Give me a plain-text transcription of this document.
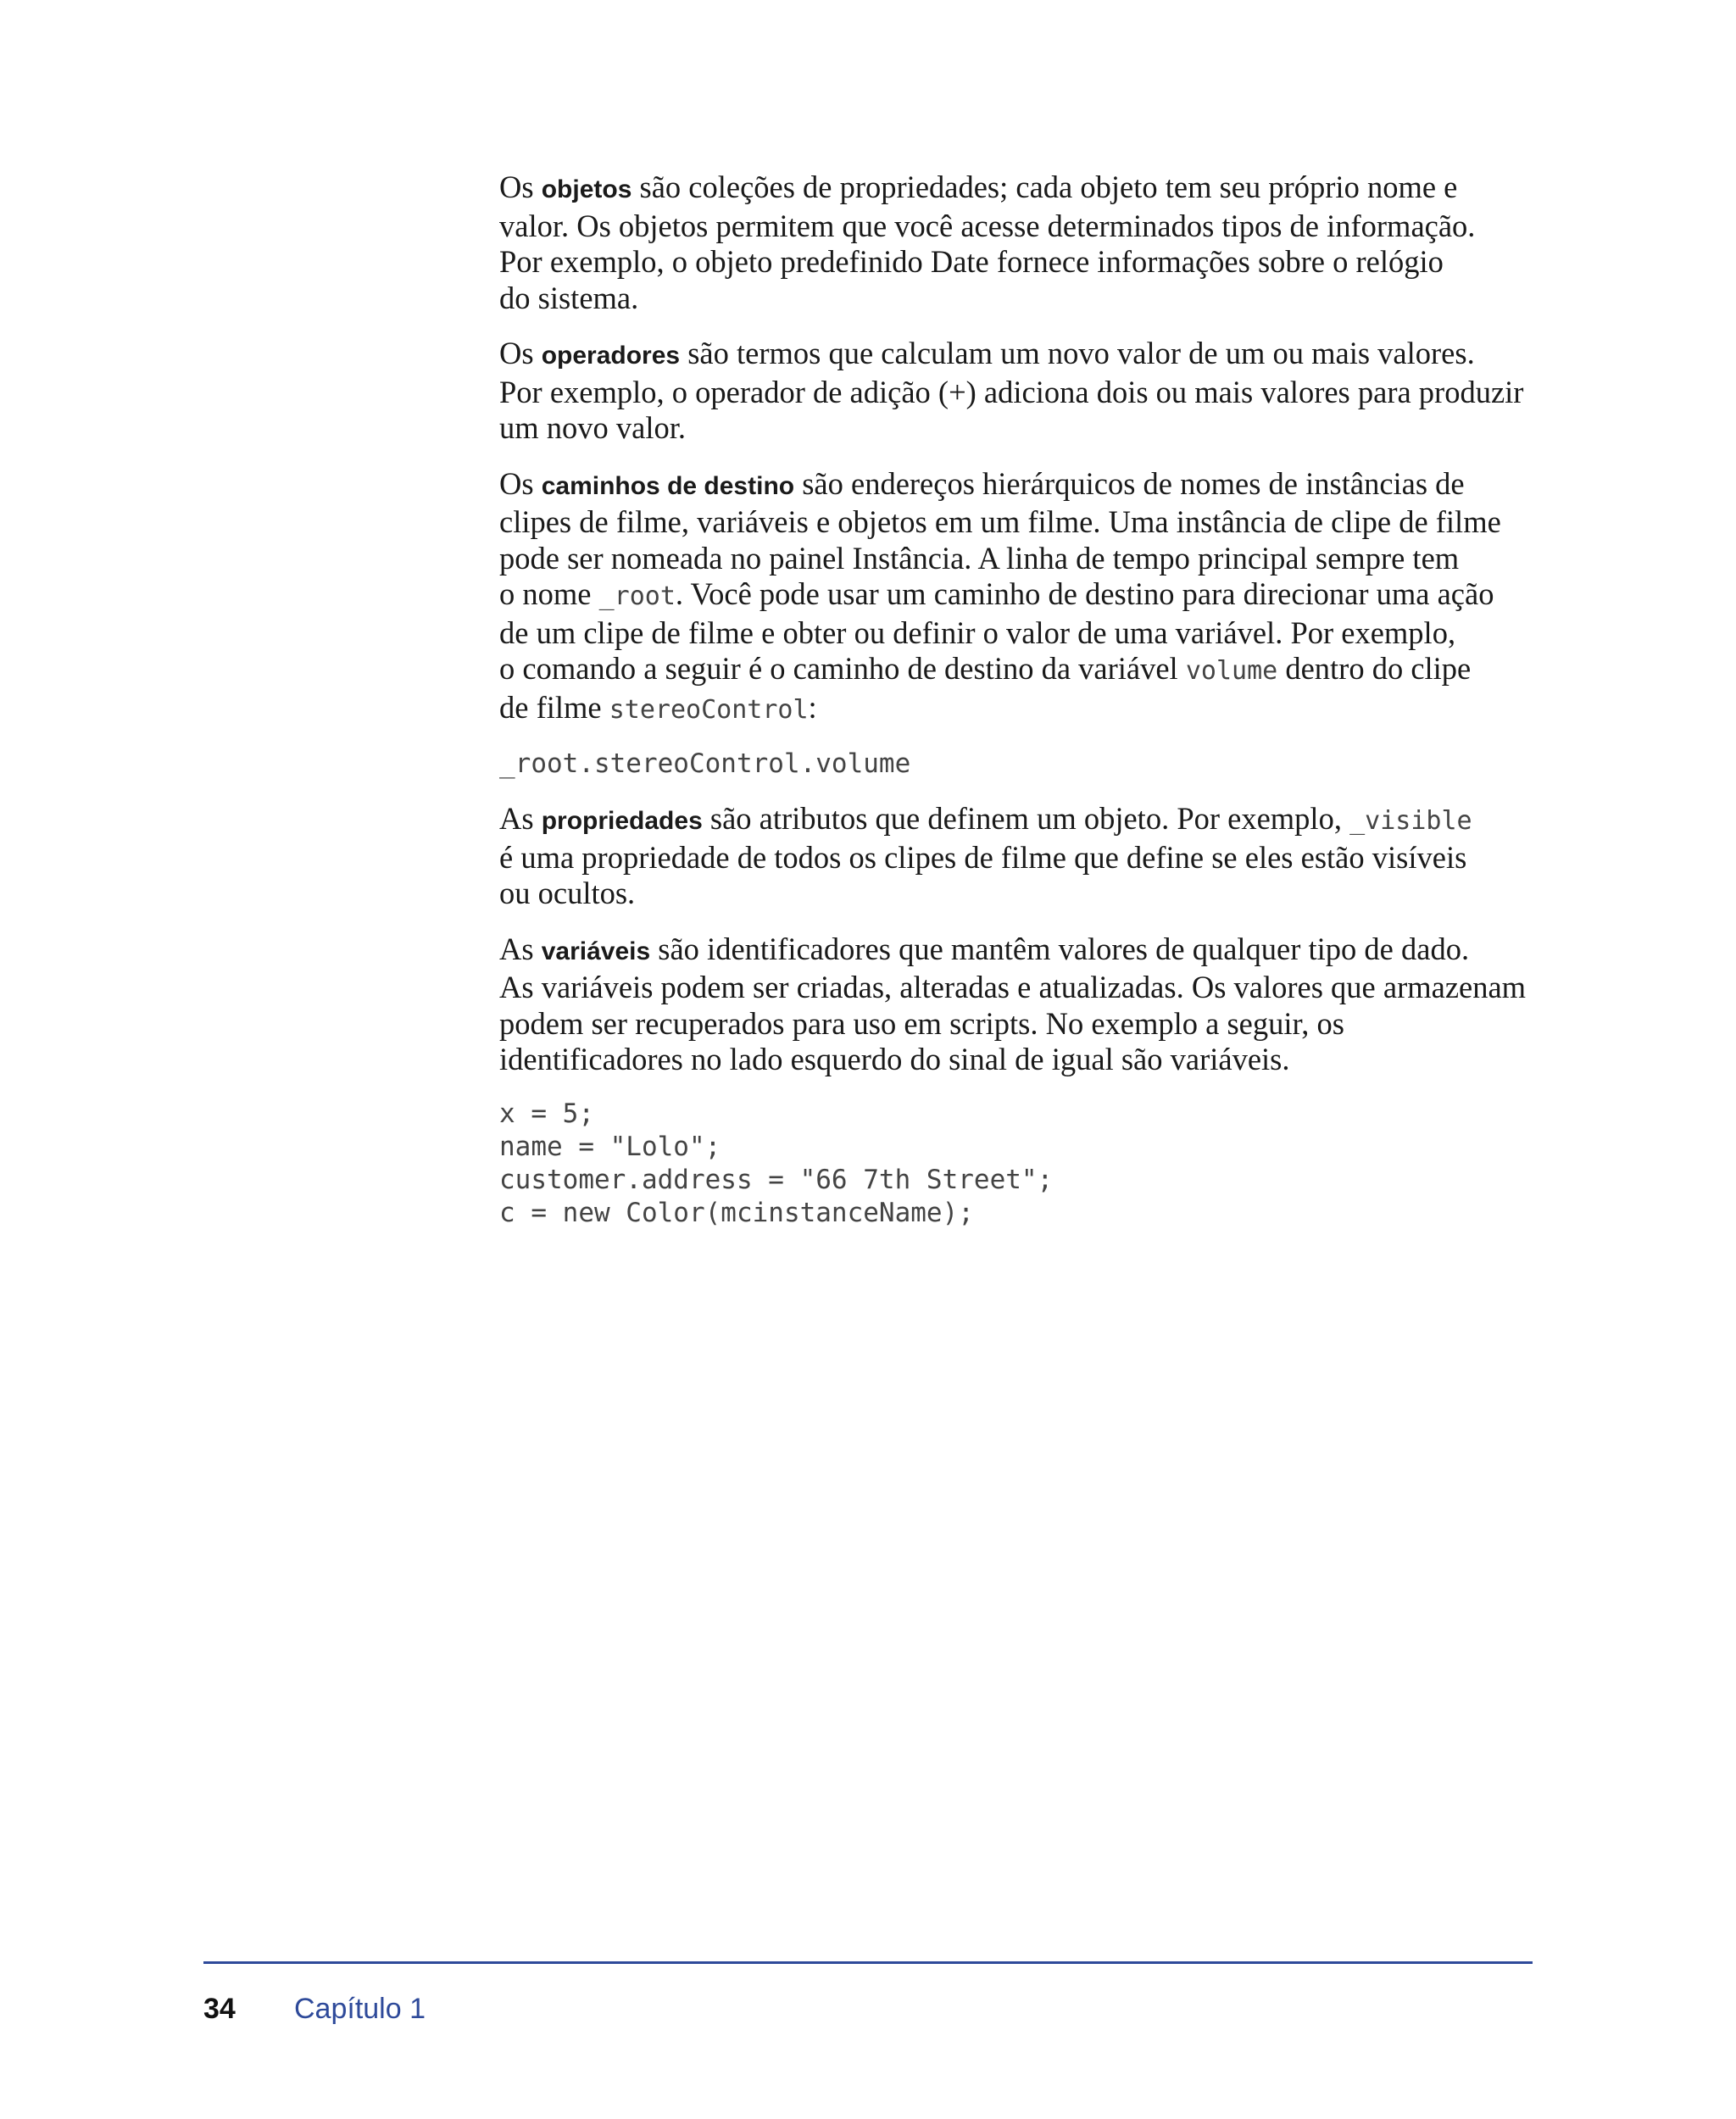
Os objetos são coleções de propriedades; cada objeto tem seu próprio nome e
valor. Os objetos permitem que você acesse determinados tipos de informação.
Por exemplo, o objeto predefinido Date fornece informações sobre o relógio
do sistema.

Os operadores são termos que calculam um novo valor de um ou mais valores.
Por exemplo, o operador de adição (+) adiciona dois ou mais valores para produzir
um novo valor.

Os caminhos de destino são endereços hierárquicos de nomes de instâncias de
clipes de filme, variáveis e objetos em um filme. Uma instância de clipe de filme
pode ser nomeada no painel Instância. A linha de tempo principal sempre tem
o nome _root. Você pode usar um caminho de destino para direcionar uma ação
de um clipe de filme e obter ou definir o valor de uma variável. Por exemplo,
o comando a seguir é o caminho de destino da variável volume dentro do clipe
de filme stereoControl:

_root.stereoControl.volume

As propriedades são atributos que definem um objeto. Por exemplo, _visible
é uma propriedade de todos os clipes de filme que define se eles estão visíveis
ou ocultos.

As variáveis são identificadores que mantêm valores de qualquer tipo de dado.
As variáveis podem ser criadas, alteradas e atualizadas. Os valores que armazenam
podem ser recuperados para uso em scripts. No exemplo a seguir, os
identificadores no lado esquerdo do sinal de igual são variáveis.

x = 5;
name = "Lolo";
customer.address = "66 7th Street";
c = new Color(mcinstanceName);
34 Capítulo 1
